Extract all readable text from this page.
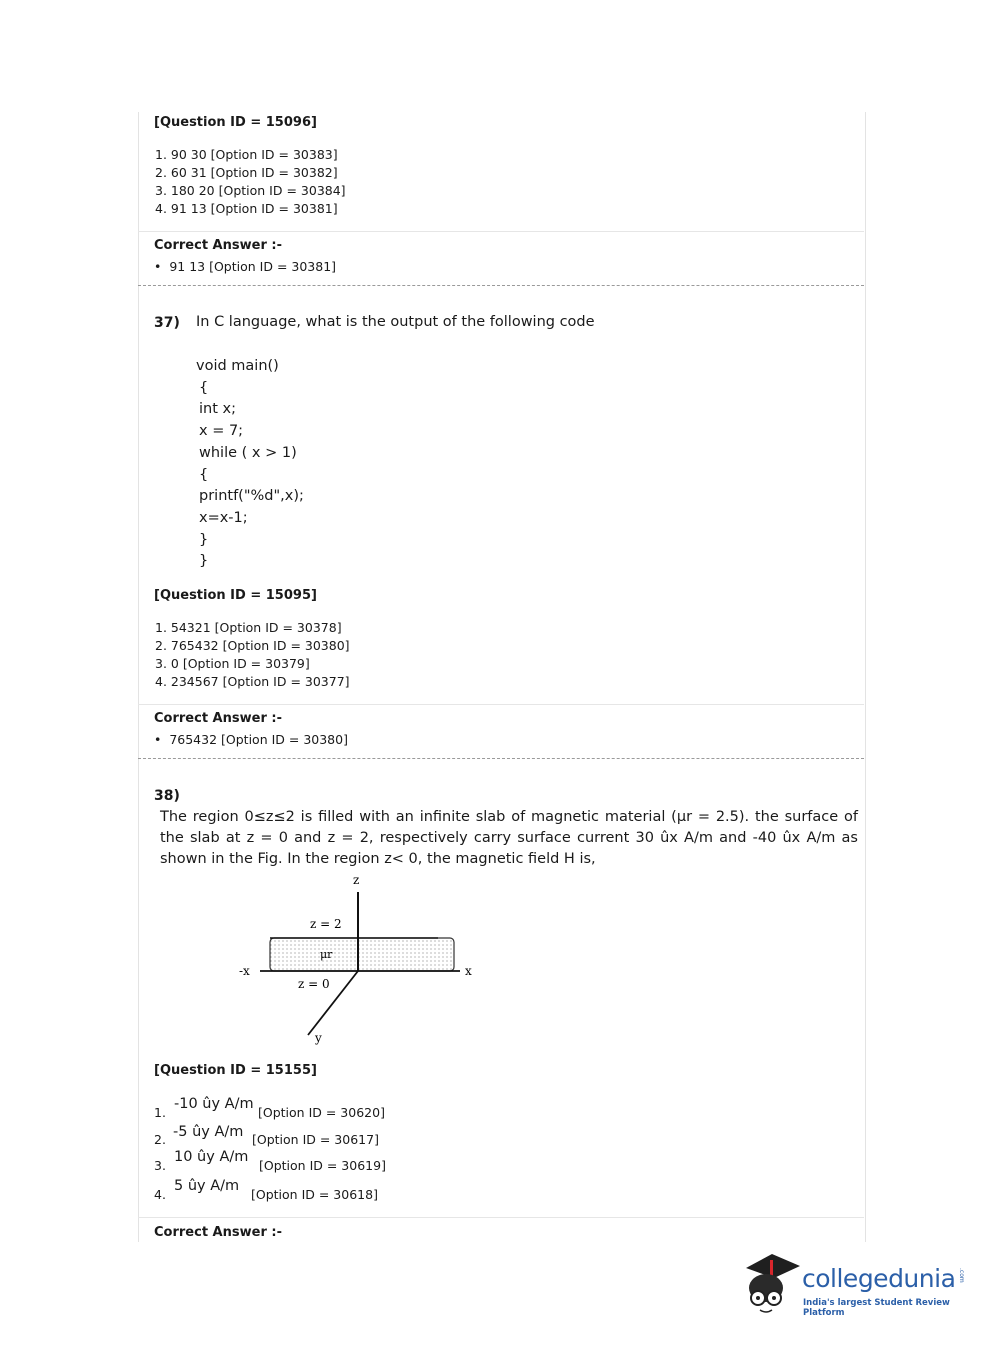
[Question ID = 15096]
1. 90 30 [Option ID = 30383]
2. 60 31 [Option ID = 30382]
3. 180 20 [Option ID = 30384]
4. 91 13 [Option ID = 30381]
Correct Answer :-
• 91 13 [Option ID = 30381]
37) In C language, what is the output of the following code
void main()
{
int x;
x = 7;
while ( x > 1)
{
printf("%d",x);
x=x-1;
}
}
[Question ID = 15095]
1. 54321 [Option ID = 30378]
2. 765432 [Option ID = 30380]
3. 0 [Option ID = 30379]
4. 234567 [Option ID = 30377]
Correct Answer :-
• 765432 [Option ID = 30380]
38)
The region 0≤z≤2 is filled with an infinite slab of magnetic material (μr = 2.5). the surface of the slab at z = 0 and z = 2, respectively carry surface current 30 ûx A/m and -40 ûx A/m as shown in the Fig. In the region z< 0, the magnetic field H is,
z
z = 2
μr
-x	x
z = 0
y
[Question ID = 15155]
1.
-10 ûy A/m
[Option ID = 30620]
2. -5 ûy A/m [Option ID = 30617]
3.
10 ûy A/m
[Option ID = 30619]
4.
5 ûy A/m
[Option ID = 30618]
Correct Answer :-
collegedunia .com
India's largest Student Review Platform
